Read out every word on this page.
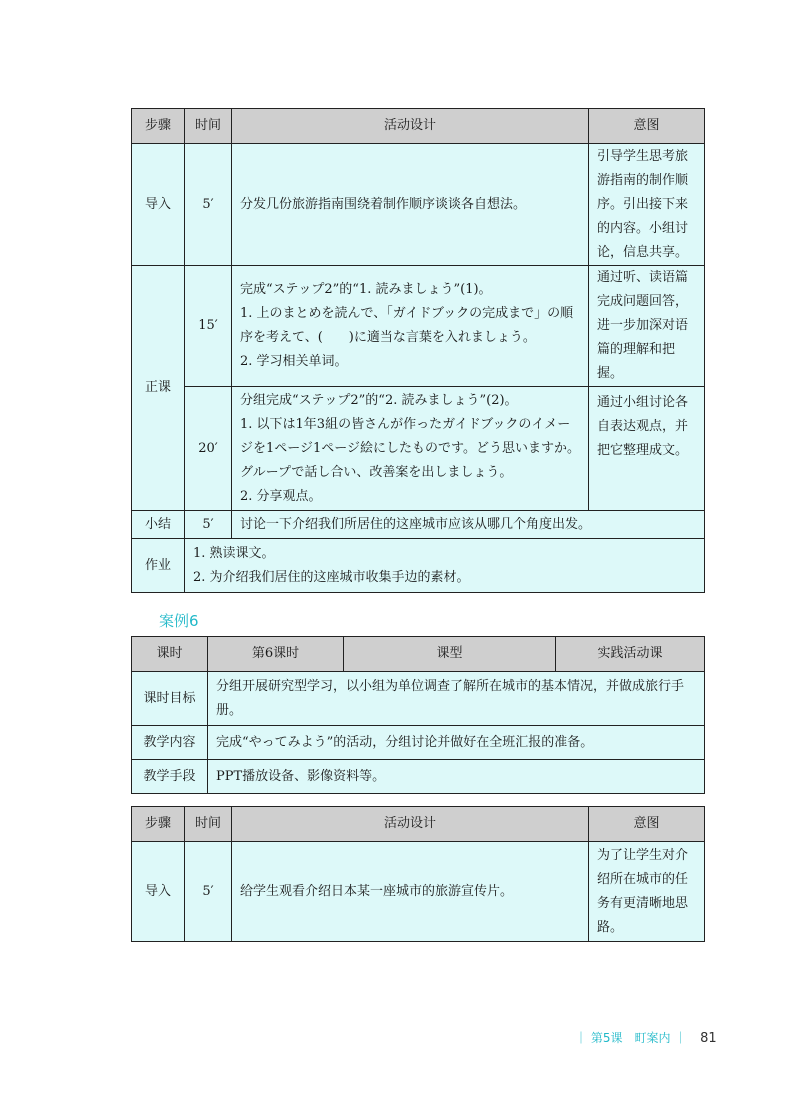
步骤	时间	活动设计	意图
导入	5′	分发几份旅游指南围绕着制作顺序谈谈各自想法。	引导学生思考旅游指南的制作顺序。引出接下来的内容。小组讨论，信息共享。
正课	15′	完成“ステップ2”的“1. 読みましょう”(1)。
1. 上のまとめを読んで、「ガイドブックの完成まで」の順序を考えて、(　　)に適当な言葉を入れましょう。
2. 学习相关单词。	通过听、读语篇完成问题回答，进一步加深对语篇的理解和把握。
	20′	分组完成“ステップ2”的“2. 読みましょう”(2)。
1. 以下は1年3組の皆さんが作ったガイドブックのイメージを1ページ1ページ絵にしたものです。どう思いますか。グループで話し合い、改善案を出しましょう。
2. 分享观点。	通过小组讨论各自表达观点，并把它整理成文。
小结	5′	讨论一下介绍我们所居住的这座城市应该从哪几个角度出发。	
作业	1. 熟读课文。
2. 为介绍我们居住的这座城市收集手边的素材。		
案例6
课时	第6课时	课型	实践活动课
课时目标	分组开展研究型学习，以小组为单位调查了解所在城市的基本情况，并做成旅行手册。		
教学内容	完成“やってみよう”的活动，分组讨论并做好在全班汇报的准备。		
教学手段	PPT播放设备、影像资料等。		
步骤	时间	活动设计	意图
导入	5′	给学生观看介绍日本某一座城市的旅游宣传片。	为了让学生对介绍所在城市的任务有更清晰地思路。
｜ 第5课　町案内 ｜ 81
